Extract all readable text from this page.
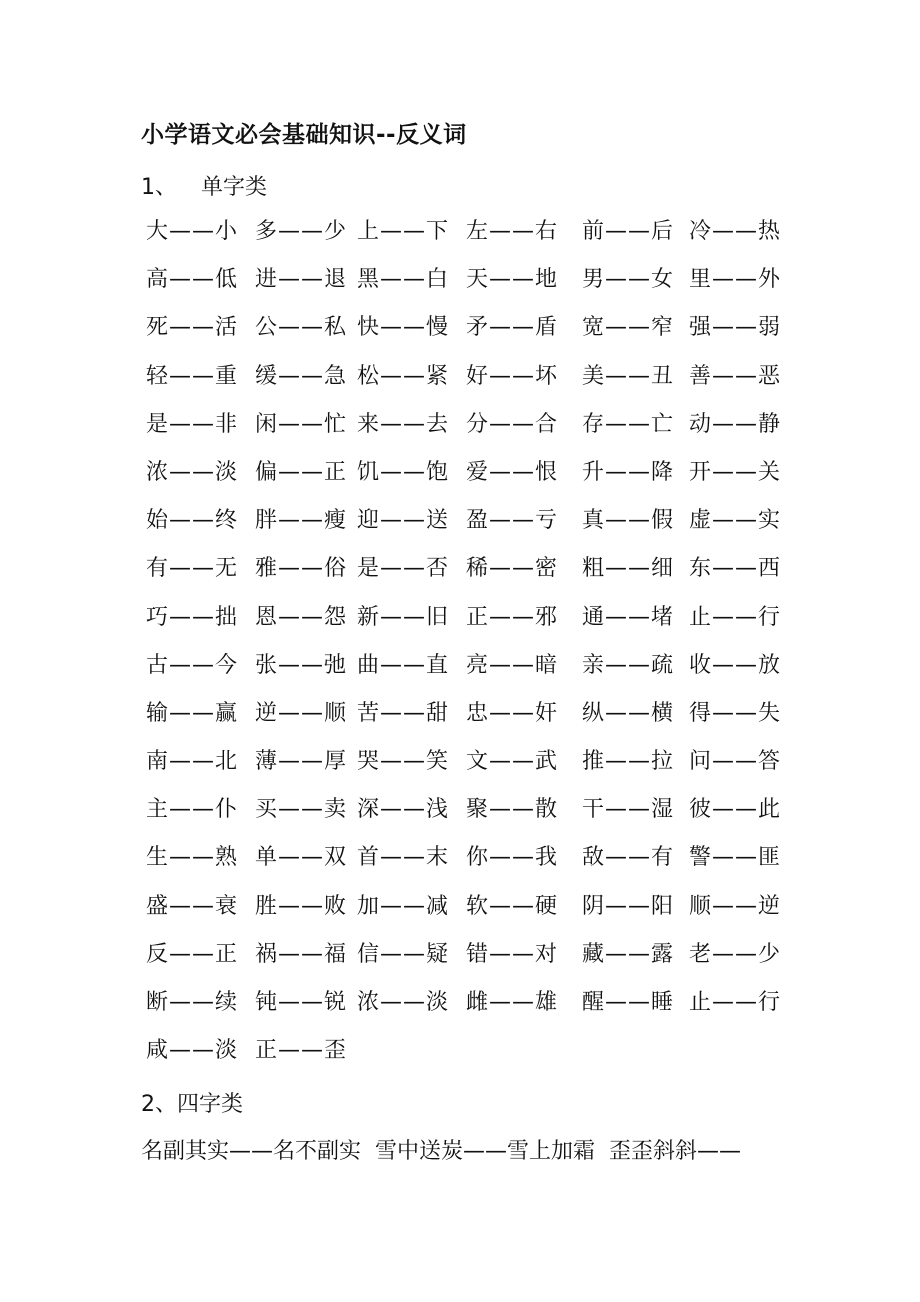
小学语文必会基础知识--反义词
1、 单字类
大——小 多——少 上——下 左——右 前——后 冷——热
高——低 进——退 黑——白 天——地 男——女 里——外
死——活 公——私 快——慢 矛——盾 宽——窄 强——弱
轻——重 缓——急 松——紧 好——坏 美——丑 善——恶
是——非 闲——忙 来——去 分——合 存——亡 动——静
浓——淡 偏——正 饥——饱 爱——恨 升——降 开——关
始——终 胖——瘦 迎——送 盈——亏 真——假 虚——实
有——无 雅——俗 是——否 稀——密 粗——细 东——西
巧——拙 恩——怨 新——旧 正——邪 通——堵 止——行
古——今 张——弛 曲——直 亮——暗 亲——疏 收——放
输——赢 逆——顺 苦——甜 忠——奸 纵——横 得——失
南——北 薄——厚 哭——笑 文——武 推——拉 问——答
主——仆 买——卖 深——浅 聚——散 干——湿 彼——此
生——熟 单——双 首——末 你——我 敌——有 警——匪
盛——衰 胜——败 加——减 软——硬 阴——阳 顺——逆
反——正 祸——福 信——疑 错——对 藏——露 老——少
断——续 钝——锐 浓——淡 雌——雄 醒——睡 止——行
咸——淡 正——歪
2、四字类
名副其实——名不副实 雪中送炭——雪上加霜 歪歪斜斜——
